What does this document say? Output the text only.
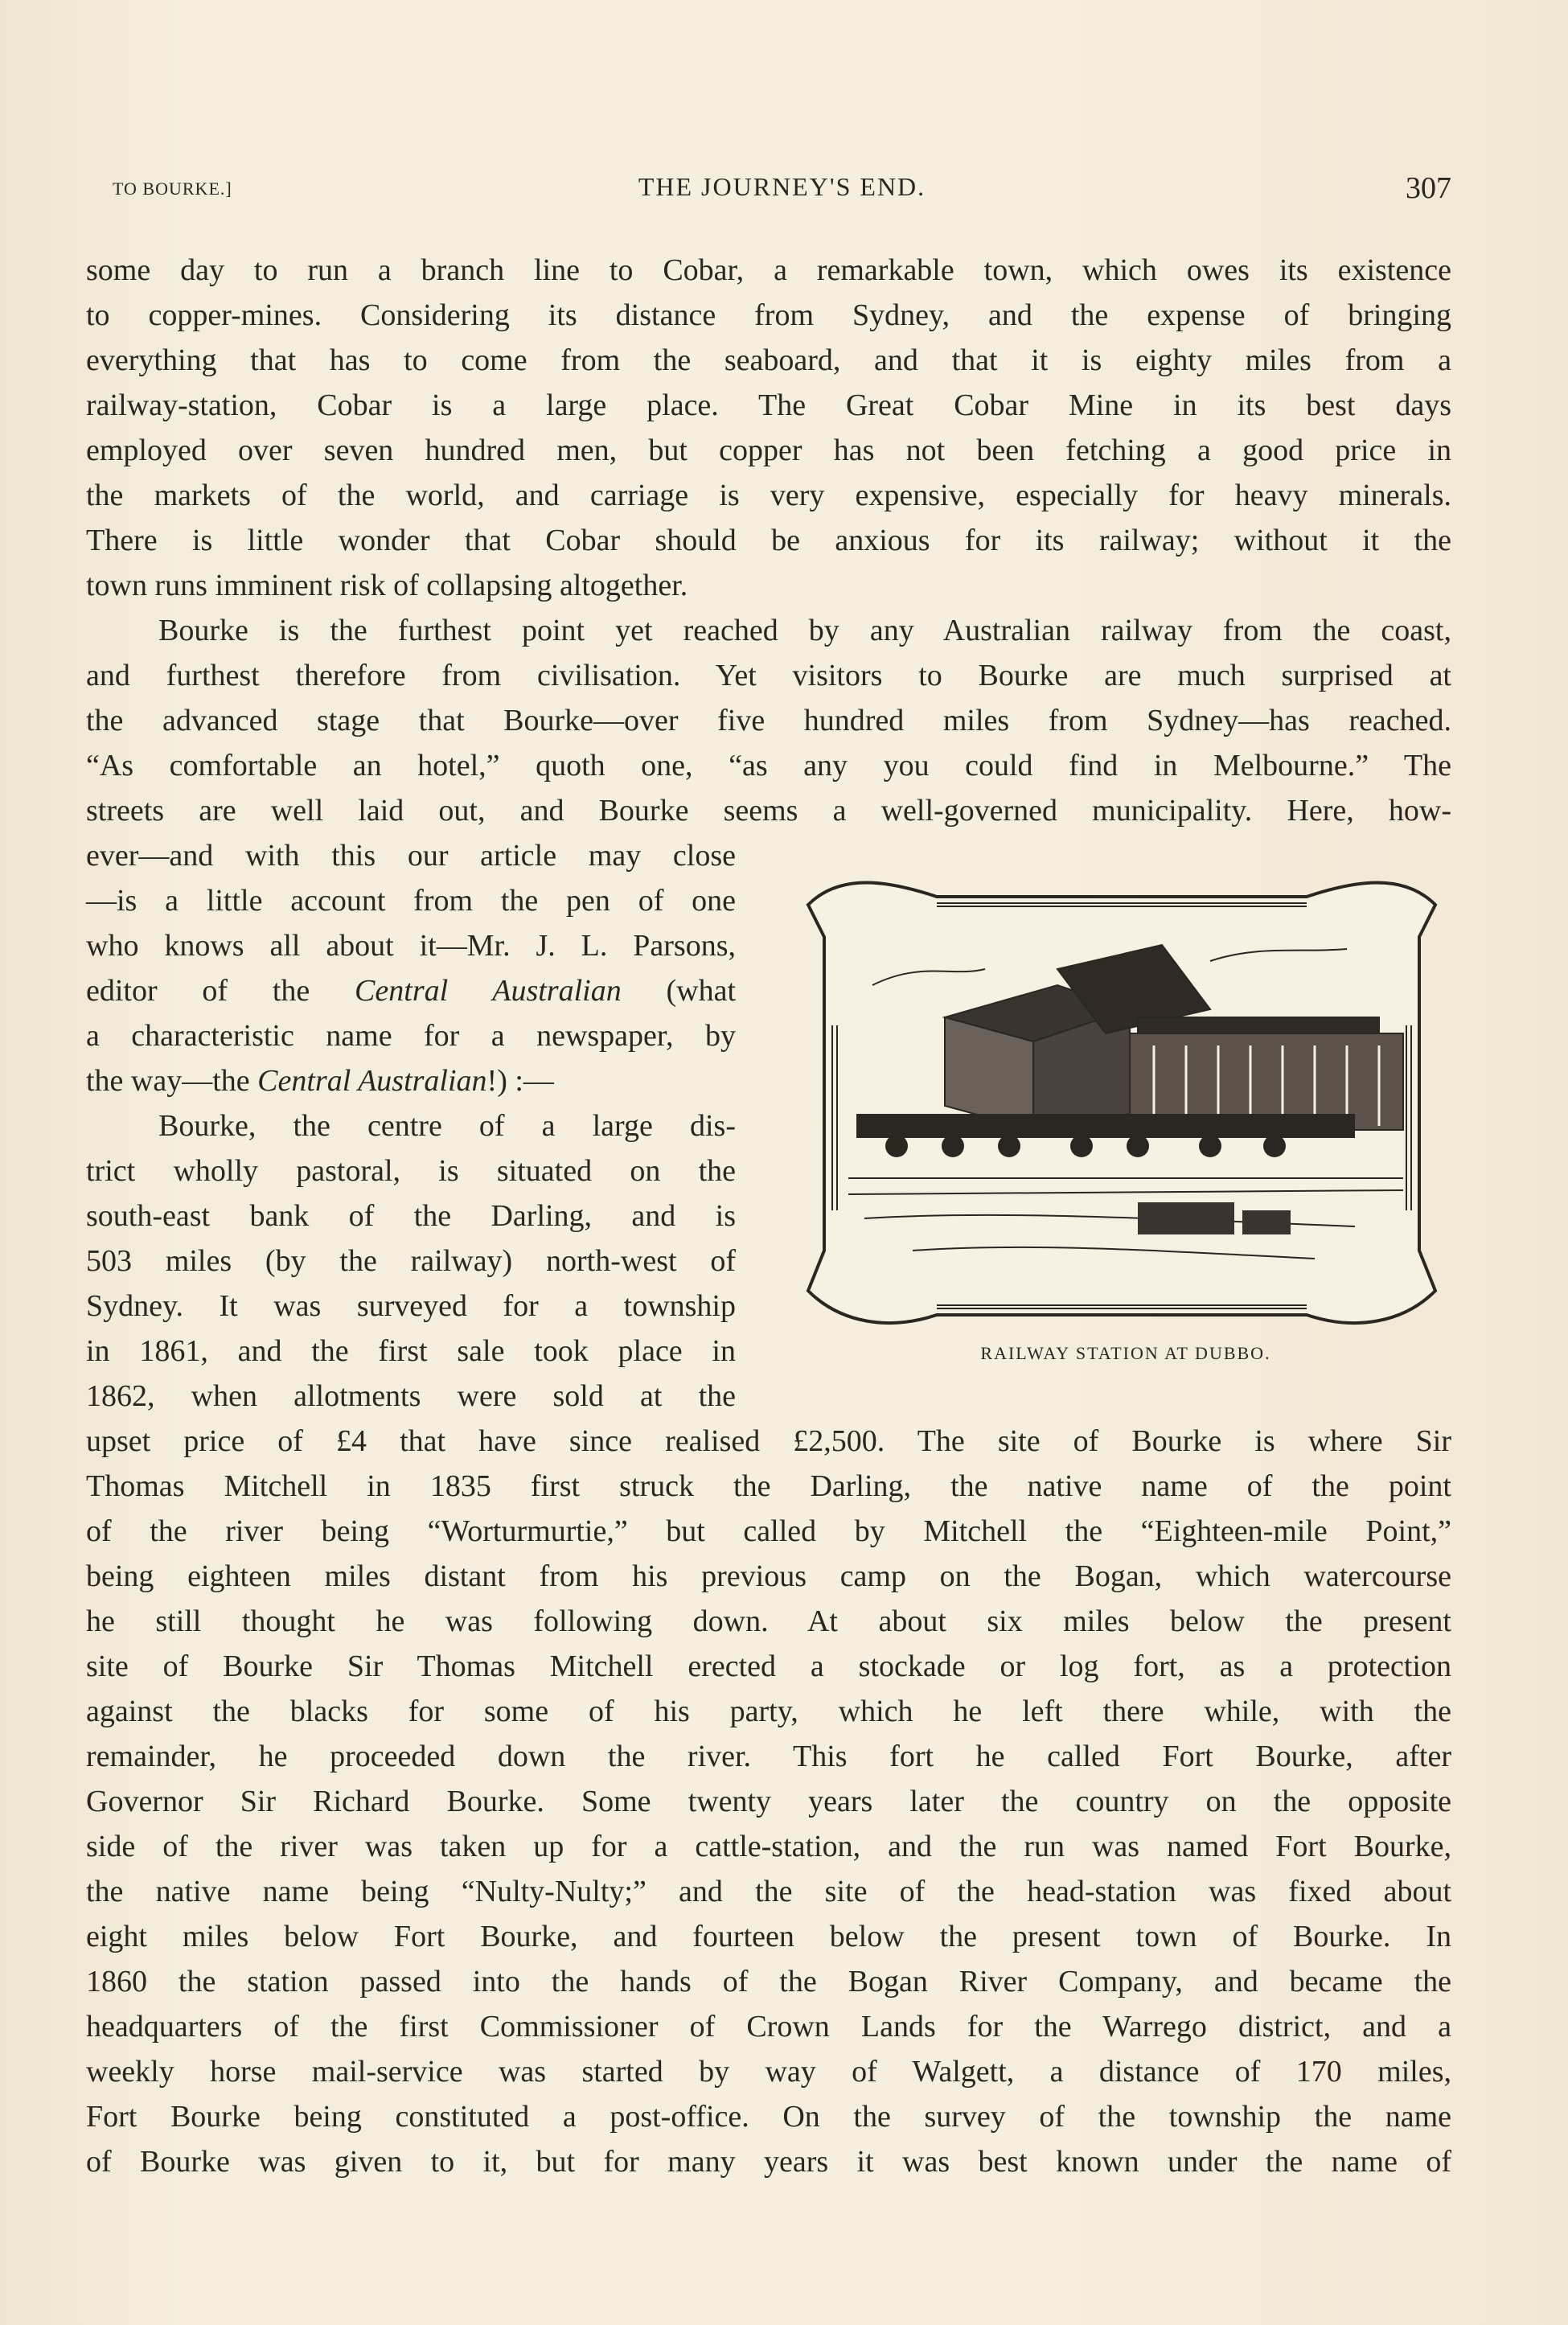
TO BOURKE.]	THE JOURNEY'S END.	307
some day to run a branch line to Cobar, a remarkable town, which owes its existence
to copper-mines. Considering its distance from Sydney, and the expense of bringing
everything that has to come from the seaboard, and that it is eighty miles from a
railway-station, Cobar is a large place. The Great Cobar Mine in its best days
employed over seven hundred men, but copper has not been fetching a good price in
the markets of the world, and carriage is very expensive, especially for heavy minerals.
There is little wonder that Cobar should be anxious for its railway; without it the
town runs imminent risk of collapsing altogether.
Bourke is the furthest point yet reached by any Australian railway from the coast,
and furthest therefore from civilisation. Yet visitors to Bourke are much surprised at
the advanced stage that Bourke—over five hundred miles from Sydney—has reached.
“As comfortable an hotel,” quoth one, “as any you could find in Melbourne.” The
streets are well laid out, and Bourke seems a well-governed municipality. Here, how-
ever—and with this our article may close
—is a little account from the pen of one
who knows all about it—Mr. J. L. Parsons,
editor of the Central Australian (what
a characteristic name for a newspaper, by
the way—the Central Australian!) :—
Bourke, the centre of a large dis-
trict wholly pastoral, is situated on the
south-east bank of the Darling, and is
503 miles (by the railway) north-west of
Sydney. It was surveyed for a township
in 1861, and the first sale took place in
1862, when allotments were sold at the
upset price of £4 that have since realised £2,500. The site of Bourke is where Sir
Thomas Mitchell in 1835 first struck the Darling, the native name of the point
of the river being “Worturmurtie,” but called by Mitchell the “Eighteen-mile Point,”
being eighteen miles distant from his previous camp on the Bogan, which watercourse
he still thought he was following down. At about six miles below the present
site of Bourke Sir Thomas Mitchell erected a stockade or log fort, as a protection
against the blacks for some of his party, which he left there while, with the
remainder, he proceeded down the river. This fort he called Fort Bourke, after
Governor Sir Richard Bourke. Some twenty years later the country on the opposite
side of the river was taken up for a cattle-station, and the run was named Fort Bourke,
the native name being “Nulty-Nulty;” and the site of the head-station was fixed about
eight miles below Fort Bourke, and fourteen below the present town of Bourke. In
1860 the station passed into the hands of the Bogan River Company, and became the
headquarters of the first Commissioner of Crown Lands for the Warrego district, and a
weekly horse mail-service was started by way of Walgett, a distance of 170 miles,
Fort Bourke being constituted a post-office. On the survey of the township the name
of Bourke was given to it, but for many years it was best known under the name of
RAILWAY STATION AT DUBBO.
